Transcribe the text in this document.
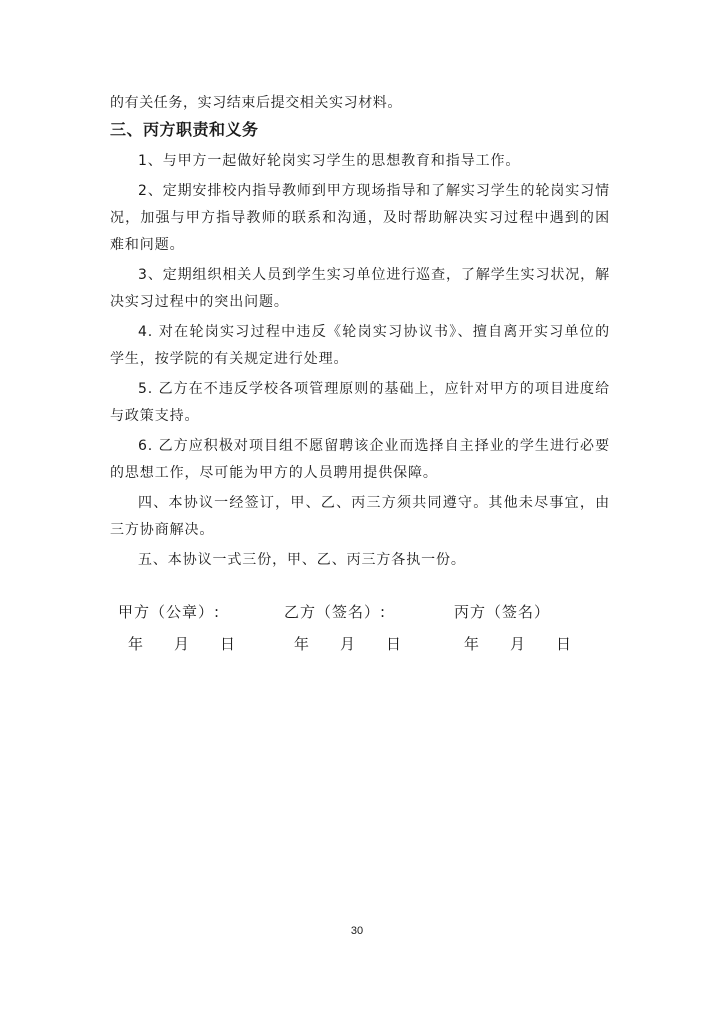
的有关任务，实习结束后提交相关实习材料。
三、丙方职责和义务

1、与甲方一起做好轮岗实习学生的思想教育和指导工作。

2、定期安排校内指导教师到甲方现场指导和了解实习学生的轮岗实习情况，加强与甲方指导教师的联系和沟通，及时帮助解决实习过程中遇到的困难和问题。

3、定期组织相关人员到学生实习单位进行巡查，了解学生实习状况，解决实习过程中的突出问题。

4. 对在轮岗实习过程中违反《轮岗实习协议书》、擅自离开实习单位的学生，按学院的有关规定进行处理。

5. 乙方在不违反学校各项管理原则的基础上，应针对甲方的项目进度给与政策支持。

6. 乙方应积极对项目组不愿留聘该企业而选择自主择业的学生进行必要的思想工作，尽可能为甲方的人员聘用提供保障。

四、本协议一经签订，甲、乙、丙三方须共同遵守。其他未尽事宜，由三方协商解决。

五、本协议一式三份，甲、乙、丙三方各执一份。

甲方（公章）:
年 月 日
乙方（签名）:
年 月 日
丙方（签名）
年 月 日
30
